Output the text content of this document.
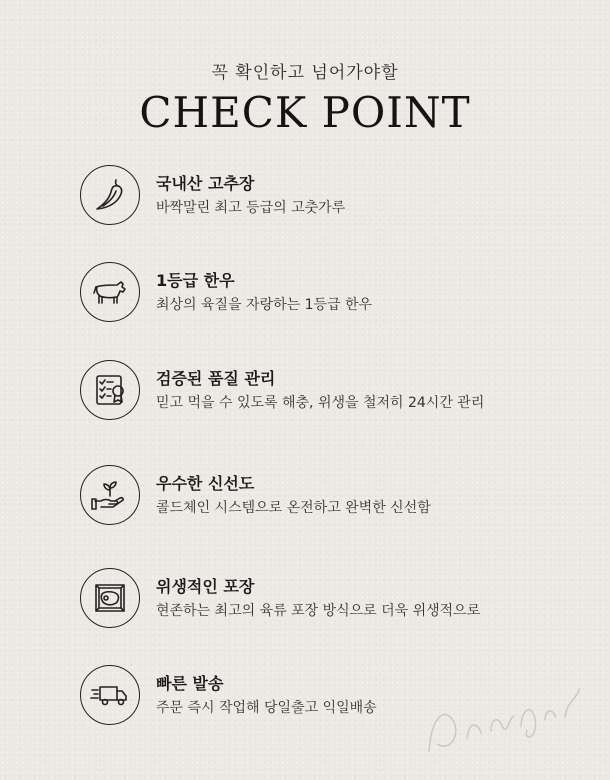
꼭 확인하고 넘어가야할
CHECK POINT
국내산 고추장
바짝말린 최고 등급의 고춧가루
1등급 한우
최상의 육질을 자랑하는 1등급 한우
검증된 품질 관리
믿고 먹을 수 있도록 해충, 위생을 철저히 24시간 관리
우수한 신선도
콜드체인 시스템으로 온전하고 완벽한 신선함
위생적인 포장
현존하는 최고의 육류 포장 방식으로 더욱 위생적으로
빠른 발송
주문 즉시 작업해 당일출고 익일배송
